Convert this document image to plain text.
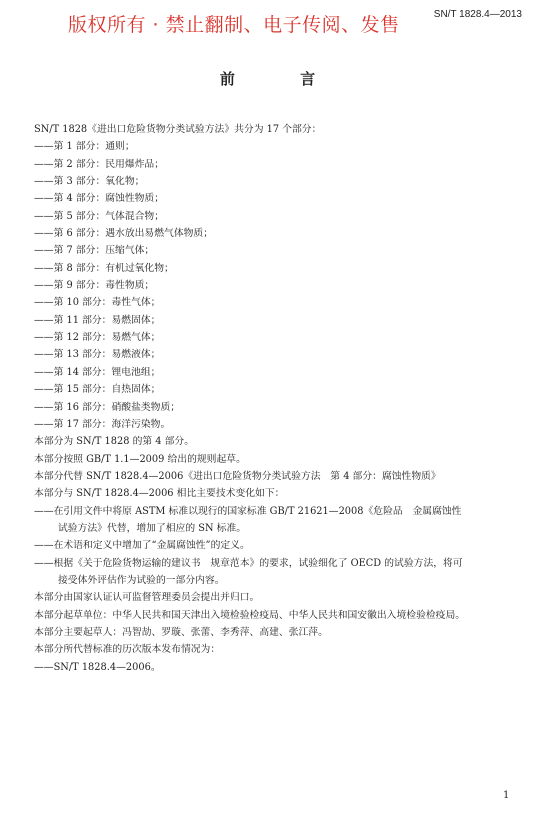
版权所有 · 禁止翻制、电子传阅、发售	SN/T 1828.4—2013
前 言
SN/T 1828《进出口危险货物分类试验方法》共分为 17 个部分：
——第 1 部分：通则；
——第 2 部分：民用爆炸品；
——第 3 部分：氧化物；
——第 4 部分：腐蚀性物质；
——第 5 部分：气体混合物；
——第 6 部分：遇水放出易燃气体物质；
——第 7 部分：压缩气体；
——第 8 部分：有机过氧化物；
——第 9 部分：毒性物质；
——第 10 部分：毒性气体；
——第 11 部分：易燃固体；
——第 12 部分：易燃气体；
——第 13 部分：易燃液体；
——第 14 部分：锂电池组；
——第 15 部分：自热固体；
——第 16 部分：硝酸盐类物质；
——第 17 部分：海洋污染物。
本部分为 SN/T 1828 的第 4 部分。
本部分按照 GB/T 1.1—2009 给出的规则起草。
本部分代替 SN/T 1828.4—2006《进出口危险货物分类试验方法　第 4 部分：腐蚀性物质》
本部分与 SN/T 1828.4—2006 相比主要技术变化如下：
——在引用文件中将原 ASTM 标准以现行的国家标准 GB/T 21621—2008《危险品　金属腐蚀性
试验方法》代替，增加了相应的 SN 标准。
——在术语和定义中增加了“金属腐蚀性”的定义。
——根据《关于危险货物运输的建议书　规章范本》的要求，试验细化了 OECD 的试验方法，将可
接受体外评估作为试验的一部分内容。
本部分由国家认证认可监督管理委员会提出并归口。
本部分起草单位：中华人民共和国天津出入境检验检疫局、中华人民共和国安徽出入境检验检疫局。
本部分主要起草人：冯智劼、罗璇、张蕾、李秀萍、高建、张江萍。
本部分所代替标准的历次版本发布情况为：
——SN/T 1828.4—2006。
1
